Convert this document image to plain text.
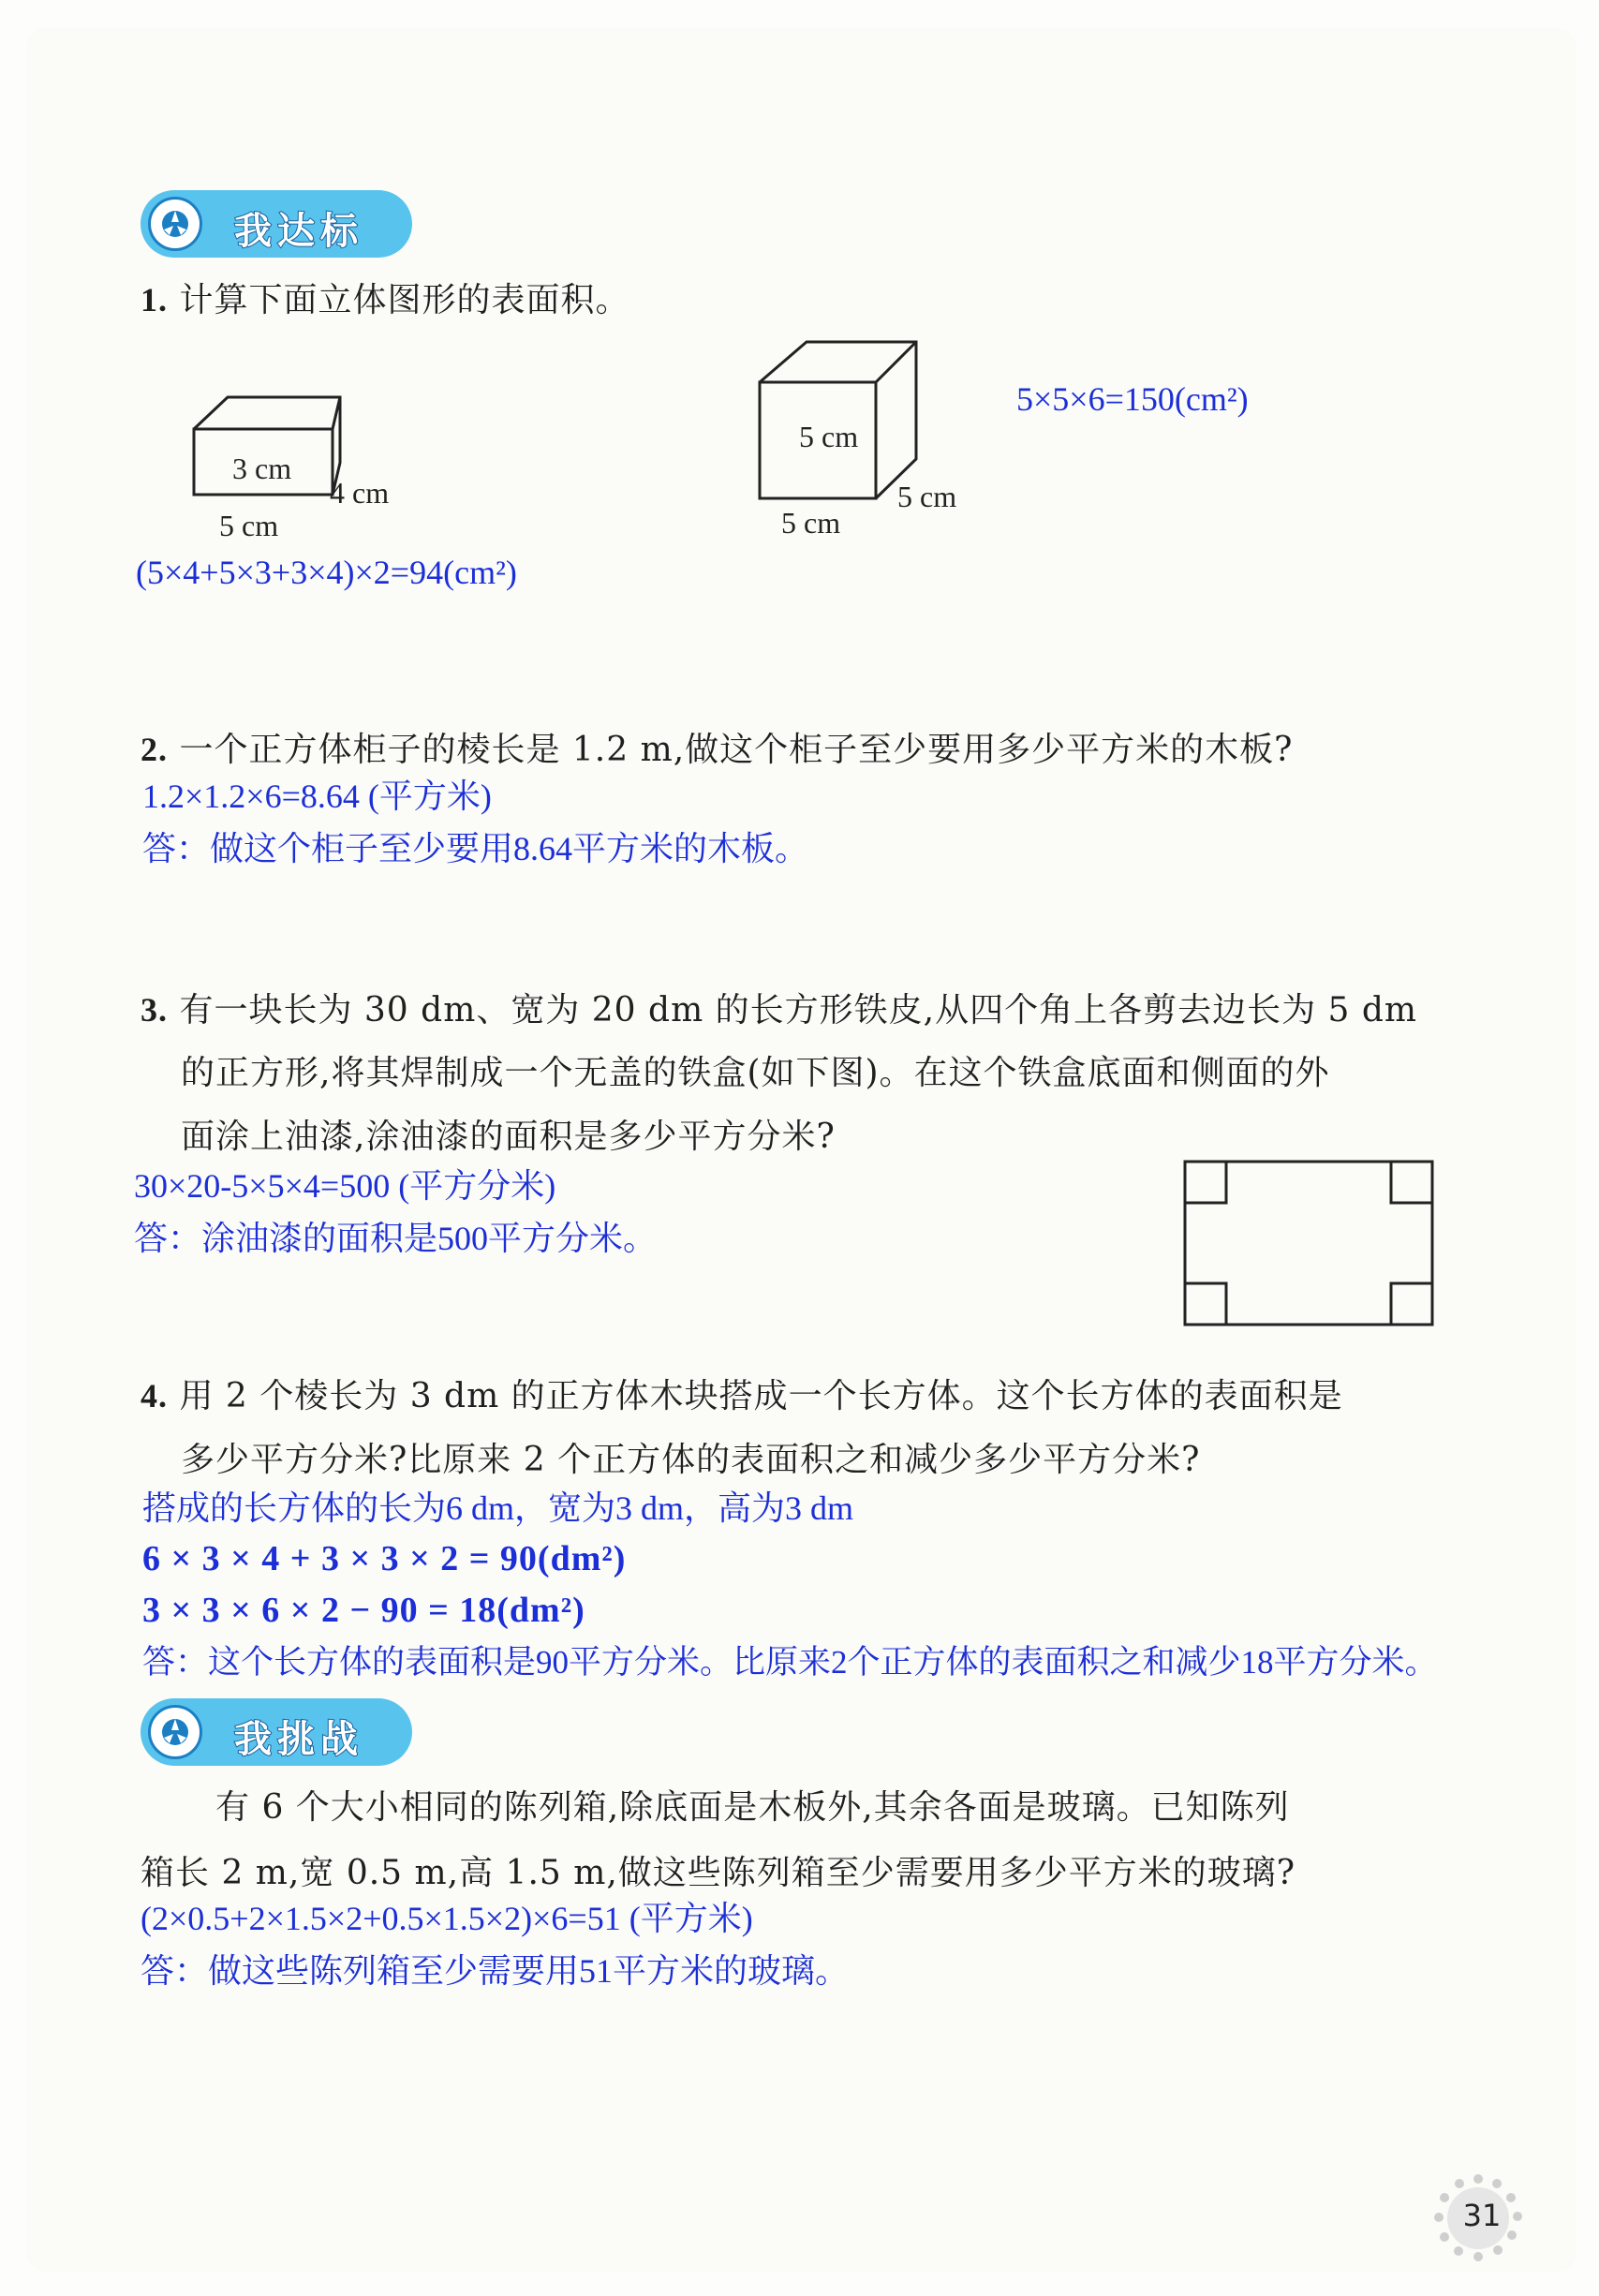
我达标
1. 计算下面立体图形的表面积。
3 cm
4 cm
5 cm
5 cm
5 cm
5 cm
5×5×6=150(cm²)
(5×4+5×3+3×4)×2=94(cm²)
2. 一个正方体柜子的棱长是 1.2 m,做这个柜子至少要用多少平方米的木板?
1.2×1.2×6=8.64 (平方米)
答：做这个柜子至少要用8.64平方米的木板。
3. 有一块长为 30 dm、宽为 20 dm 的长方形铁皮,从四个角上各剪去边长为 5 dm
的正方形,将其焊制成一个无盖的铁盒(如下图)。在这个铁盒底面和侧面的外
面涂上油漆,涂油漆的面积是多少平方分米?
30×20-5×5×4=500 (平方分米)
答：涂油漆的面积是500平方分米。
4. 用 2 个棱长为 3 dm 的正方体木块搭成一个长方体。这个长方体的表面积是
多少平方分米?比原来 2 个正方体的表面积之和减少多少平方分米?
搭成的长方体的长为6 dm，宽为3 dm，高为3 dm
6 × 3 × 4 + 3 × 3 × 2 = 90(dm²)
3 × 3 × 6 × 2 − 90 = 18(dm²)
答：这个长方体的表面积是90平方分米。比原来2个正方体的表面积之和减少18平方分米。
我挑战
有 6 个大小相同的陈列箱,除底面是木板外,其余各面是玻璃。已知陈列
箱长 2 m,宽 0.5 m,高 1.5 m,做这些陈列箱至少需要用多少平方米的玻璃?
(2×0.5+2×1.5×2+0.5×1.5×2)×6=51 (平方米)
答：做这些陈列箱至少需要用51平方米的玻璃。
31
